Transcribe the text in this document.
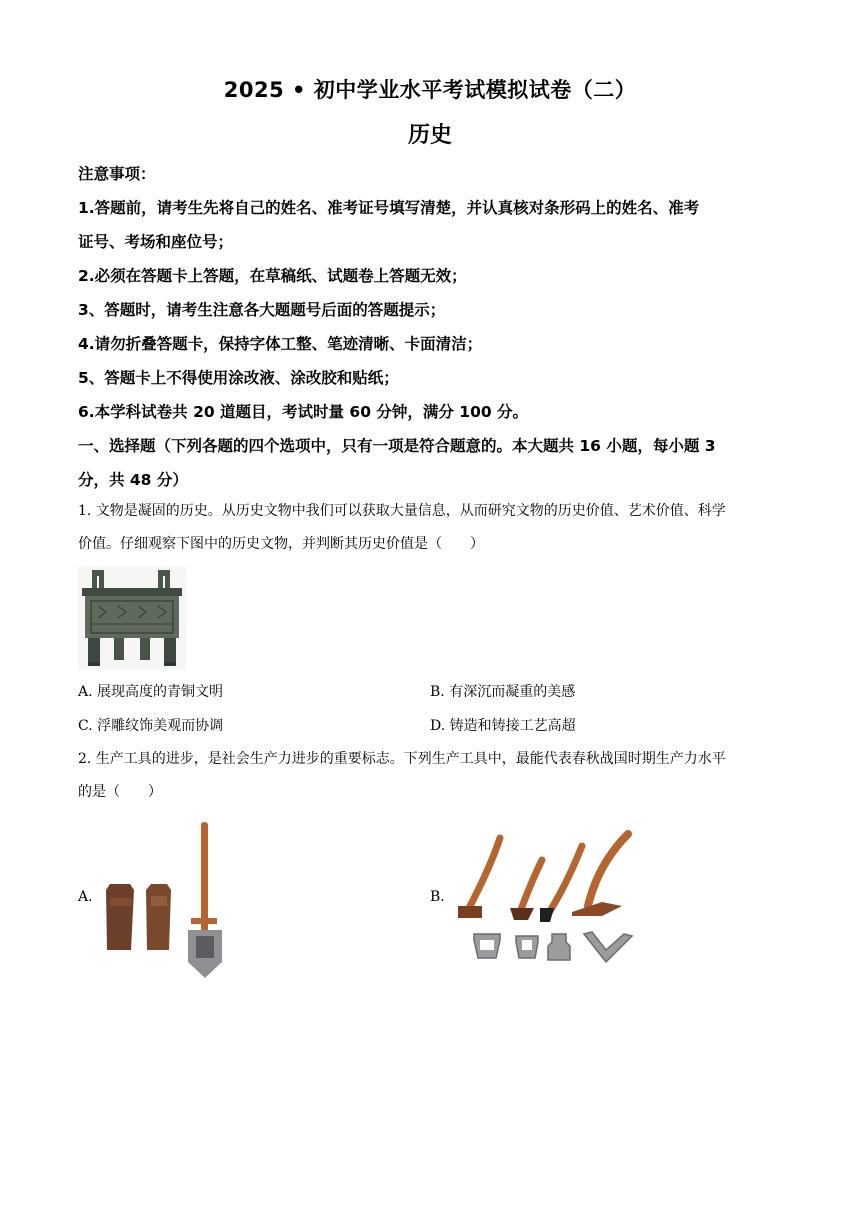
2025 • 初中学业水平考试模拟试卷（二）
历史
注意事项：
1.答题前，请考生先将自己的姓名、准考证号填写清楚，并认真核对条形码上的姓名、准考
证号、考场和座位号；
2.必须在答题卡上答题，在草稿纸、试题卷上答题无效；
3、答题时，请考生注意各大题题号后面的答题提示；
4.请勿折叠答题卡，保持字体工整、笔迹清晰、卡面清洁；
5、答题卡上不得使用涂改液、涂改胶和贴纸；
6.本学科试卷共 20 道题目，考试时量 60 分钟，满分 100 分。
一、选择题（下列各题的四个选项中，只有一项是符合题意的。本大题共 16 小题，每小题 3
分，共 48 分）
1. 文物是凝固的历史。从历史文物中我们可以获取大量信息，从而研究文物的历史价值、艺术价值、科学
价值。仔细观察下图中的历史文物，并判断其历史价值是（　　）
A. 展现高度的青铜文明	B. 有深沉而凝重的美感
C. 浮雕纹饰美观而协调	D. 铸造和铸接工艺高超
2. 生产工具的进步，是社会生产力进步的重要标志。下列生产工具中，最能代表春秋战国时期生产力水平
的是（　　）
A.	B.
